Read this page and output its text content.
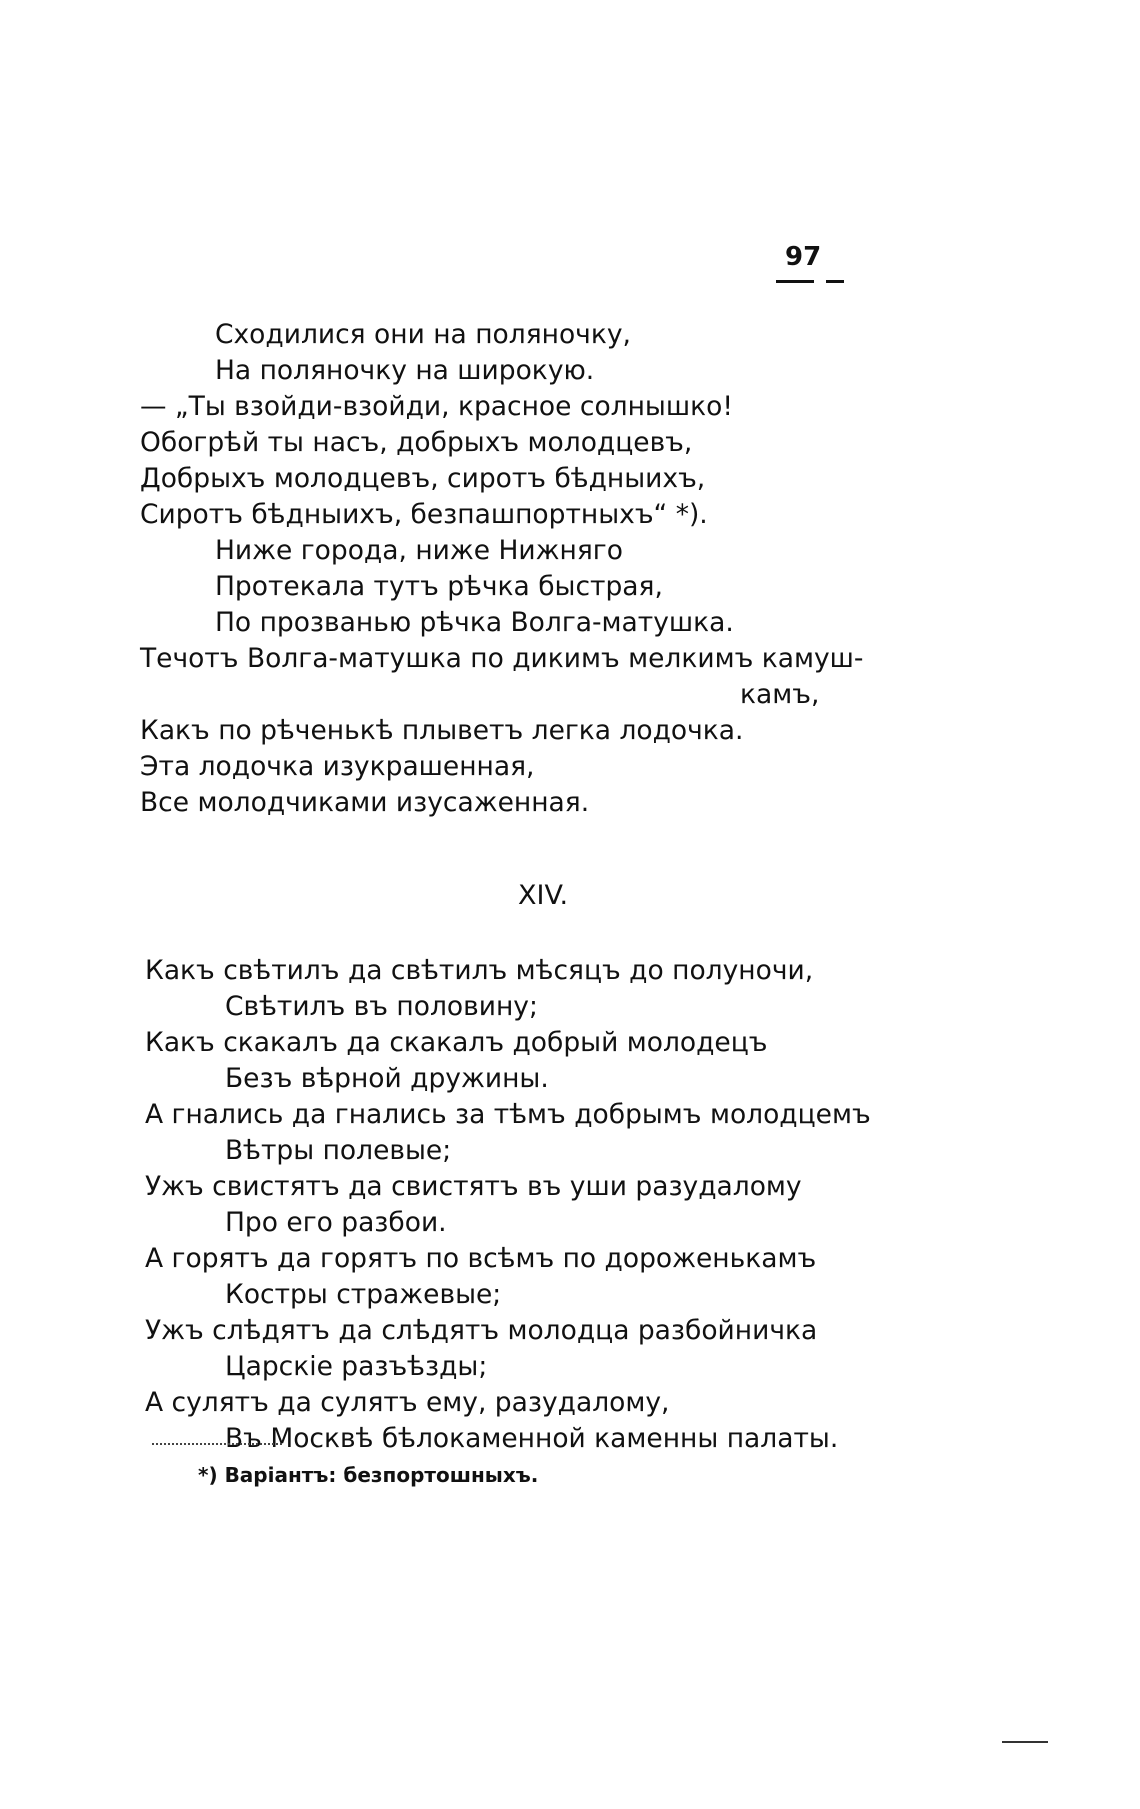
97
Сходилися они на поляночку,
На поляночку на широкую.
— „Ты взойди-взойди, красное солнышко!
Обогрѣй ты насъ, добрыхъ молодцевъ,
Добрыхъ молодцевъ, сиротъ бѣдныихъ,
Сиротъ бѣдныихъ, безпашпортныхъ“ *).
Ниже города, ниже Нижняго
Протекала тутъ рѣчка быстрая,
По прозванью рѣчка Волга-матушка.
Течотъ Волга-матушка по дикимъ мелкимъ камуш-
камъ,
Какъ по рѣченькѣ плыветъ легка лодочка.
Эта лодочка изукрашенная,
Все молодчиками изусаженная.
XIV.
Какъ свѣтилъ да свѣтилъ мѣсяцъ до полуночи,
Свѣтилъ въ половину;
Какъ скакалъ да скакалъ добрый молодецъ
Безъ вѣрной дружины.
А гнались да гнались за тѣмъ добрымъ молодцемъ
Вѣтры полевые;
Ужъ свистятъ да свистятъ въ уши разудалому
Про его разбои.
А горятъ да горятъ по всѣмъ по дороженькамъ
Костры стражевые;
Ужъ слѣдятъ да слѣдятъ молодца разбойничка
Царскіе разъѣзды;
А сулятъ да сулятъ ему, разудалому,
Въ Москвѣ бѣлокаменной каменны палаты.
*) Варіантъ: безпортошныхъ.
